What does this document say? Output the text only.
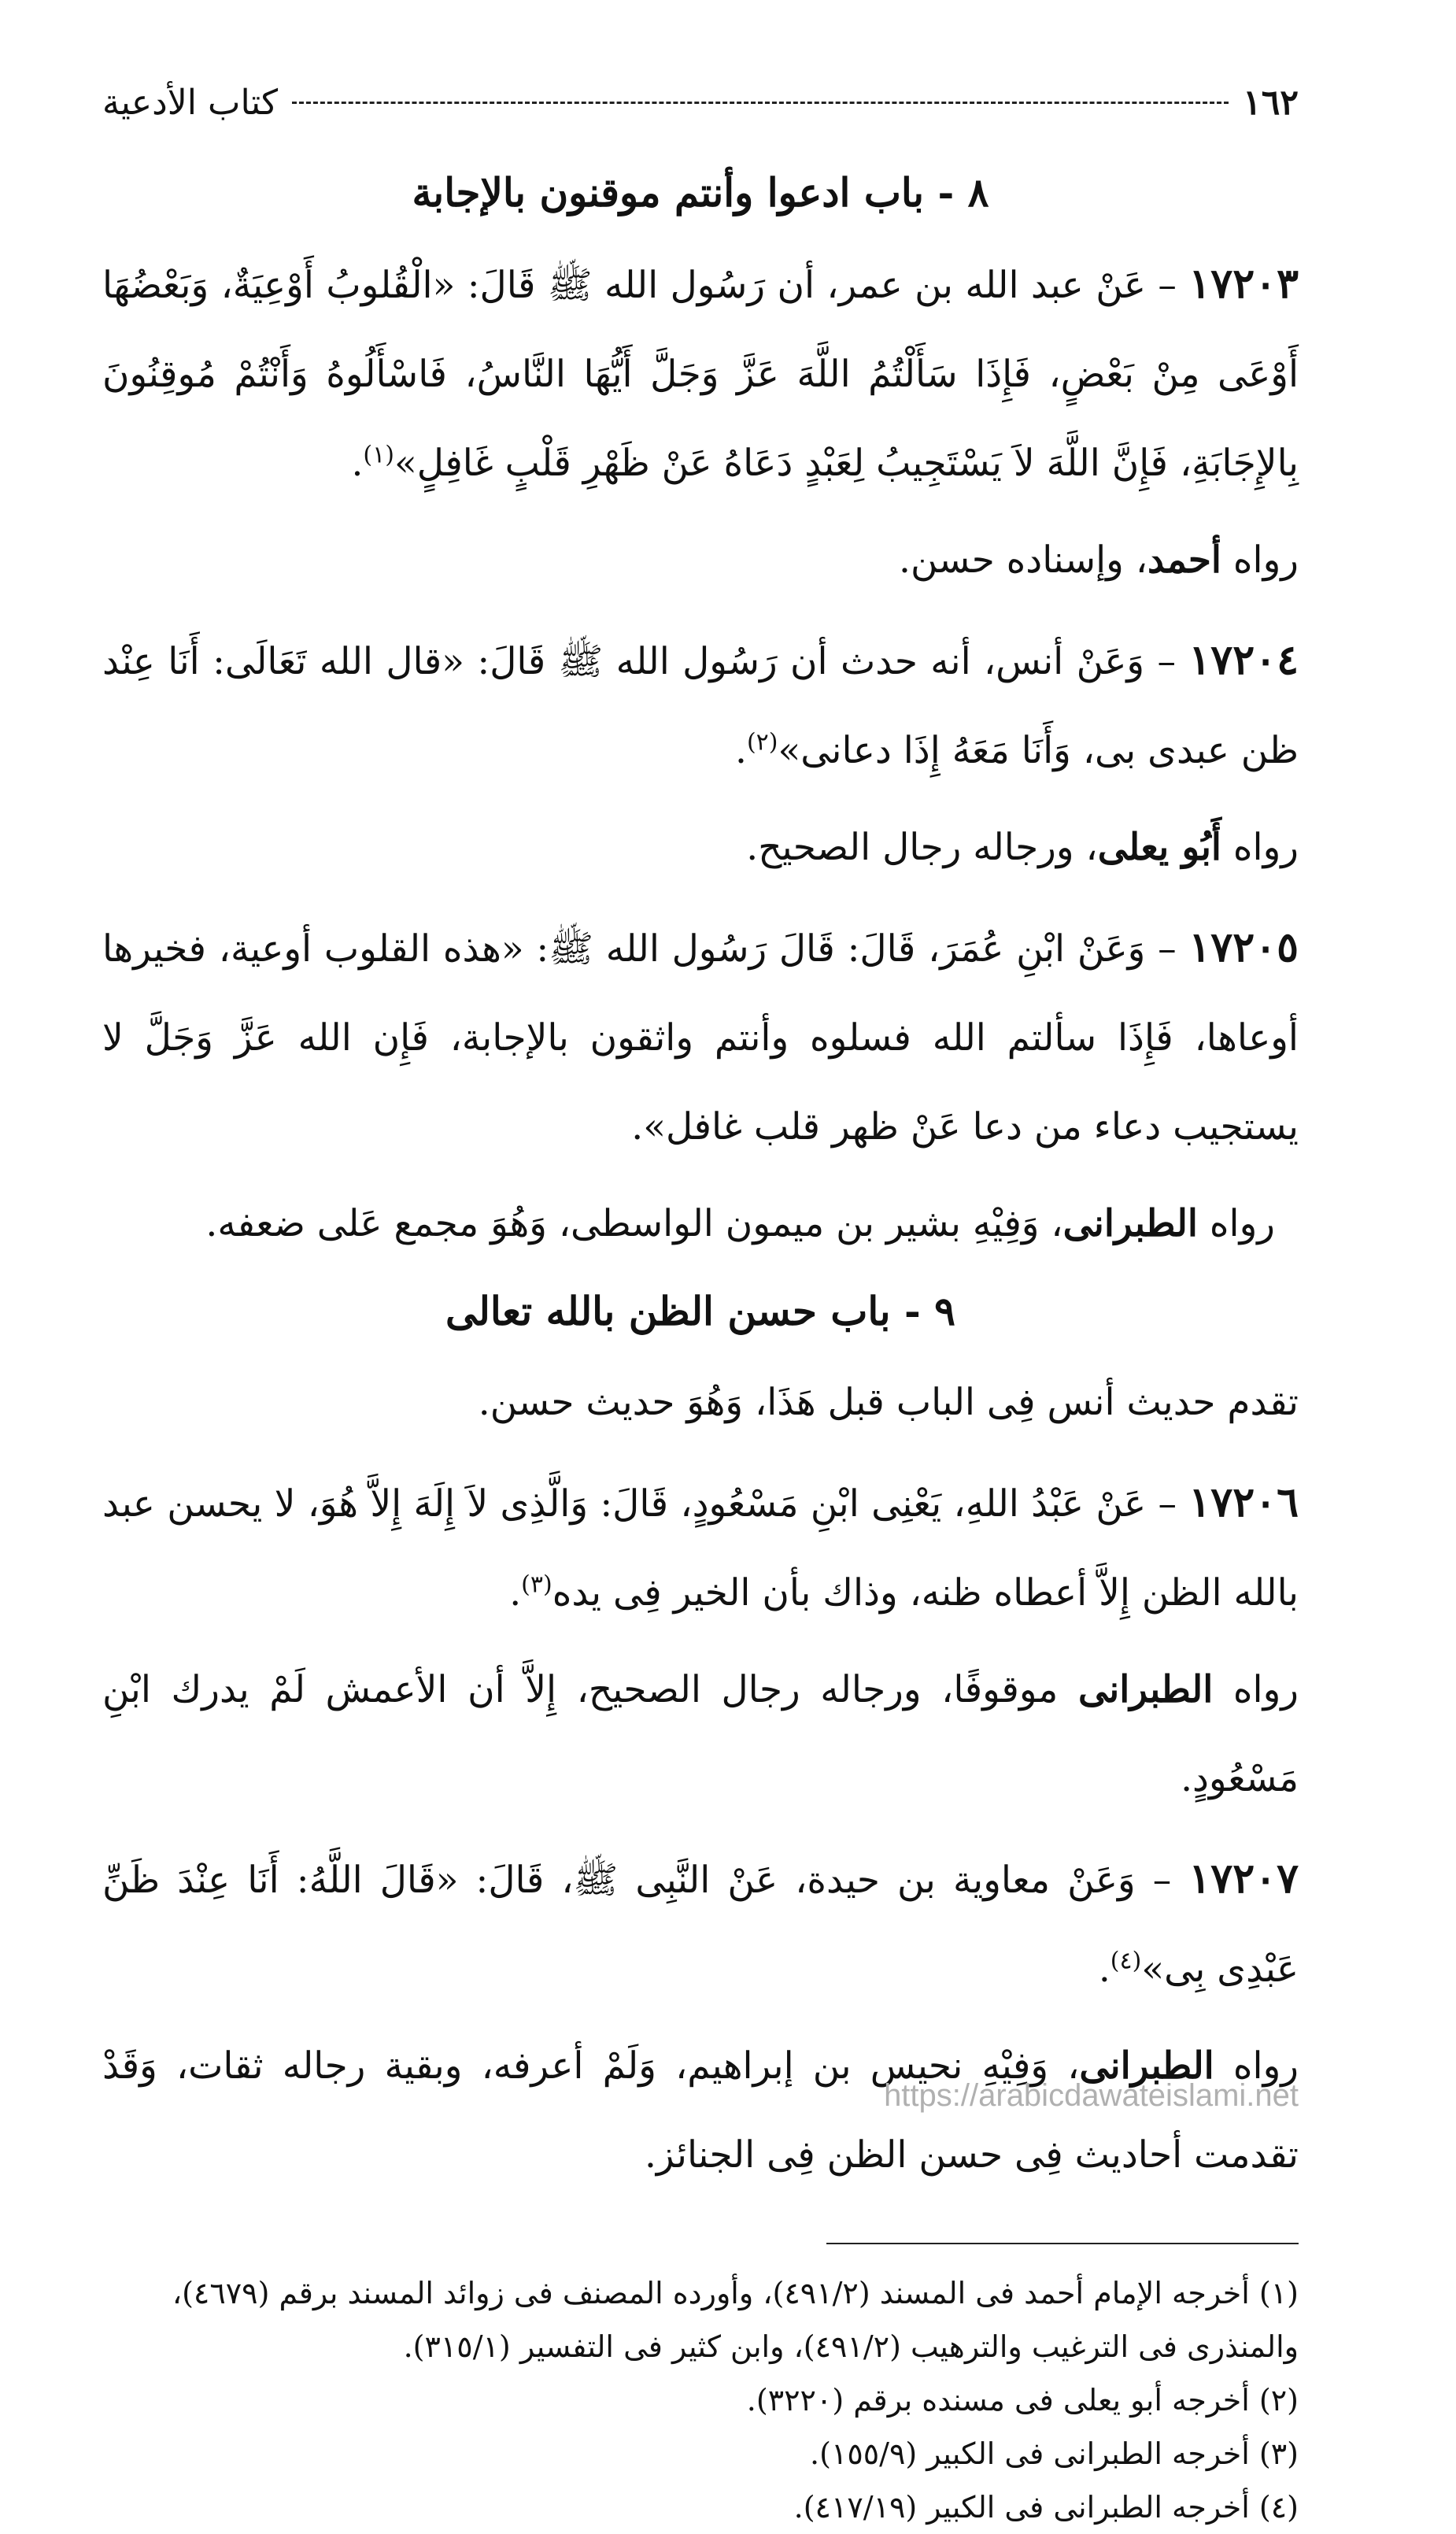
١٦٢
كتاب الأدعية
٨ - باب ادعوا وأنتم موقنون بالإجابة

١٧٢٠٣ – عَنْ عبد الله بن عمر، أن رَسُول الله ﷺ قَالَ: «الْقُلوبُ أَوْعِيَةٌ، وَبَعْضُهَا أَوْعَى مِنْ بَعْضٍ، فَإِذَا سَأَلْتُمُ اللَّهَ عَزَّ وَجَلَّ أَيُّهَا النَّاسُ، فَاسْأَلُوهُ وَأَنْتُمْ مُوقِنُونَ بِالإِجَابَةِ، فَإِنَّ اللَّهَ لاَ يَسْتَجِيبُ لِعَبْدٍ دَعَاهُ عَنْ ظَهْرِ قَلْبٍ غَافِلٍ»$^{(١)}$.

رواه أحمد، وإسناده حسن.

١٧٢٠٤ – وَعَنْ أنس، أنه حدث أن رَسُول الله ﷺ قَالَ: «قال الله تَعَالَى: أَنَا عِنْد ظن عبدى بى، وَأَنَا مَعَهُ إِذَا دعانى»$^{(٢)}$.

رواه أَبُو يعلى، ورجاله رجال الصحيح.

١٧٢٠٥ – وَعَنْ ابْنِ عُمَرَ، قَالَ: قَالَ رَسُول الله ﷺ: «هذه القلوب أوعية، فخيرها أوعاها، فَإِذَا سألتم الله فسلوه وأنتم واثقون بالإجابة، فَإِن الله عَزَّ وَجَلَّ لا يستجيب دعاء من دعا عَنْ ظهر قلب غافل».

رواه الطبرانى، وَفِيْهِ بشير بن ميمون الواسطى، وَهُوَ مجمع عَلى ضعفه.

٩ - باب حسن الظن بالله تعالى

تقدم حديث أنس فِى الباب قبل هَذَا، وَهُوَ حديث حسن.

١٧٢٠٦ – عَنْ عَبْدُ اللهِ، يَعْنِى ابْنِ مَسْعُودٍ، قَالَ: وَالَّذِى لاَ إِلَهَ إِلاَّ هُوَ، لا يحسن عبد بالله الظن إِلاَّ أعطاه ظنه، وذاك بأن الخير فِى يده$^{(٣)}$.

رواه الطبرانى موقوفًا، ورجاله رجال الصحيح، إِلاَّ أن الأعمش لَمْ يدرك ابْنِ مَسْعُودٍ.

١٧٢٠٧ – وَعَنْ معاوية بن حيدة، عَنْ النَّبِى ﷺ، قَالَ: «قَالَ اللَّهُ: أَنَا عِنْدَ ظَنِّ عَبْدِى بِى»$^{(٤)}$.

رواه الطبرانى، وَفِيْهِ نحيس بن إبراهيم، وَلَمْ أعرفه، وبقية رجاله ثقات، وَقَدْ تقدمت أحاديث فِى حسن الظن فِى الجنائز.

(١) أخرجه الإمام أحمد فى المسند (٤٩١/٢)، وأورده المصنف فى زوائد المسند برقم (٤٦٧٩)، والمنذرى فى الترغيب والترهيب (٤٩١/٢)، وابن كثير فى التفسير (٣١٥/١).

(٢) أخرجه أبو يعلى فى مسنده برقم (٣٢٢٠).

(٣) أخرجه الطبرانى فى الكبير (١٥٥/٩).

(٤) أخرجه الطبرانى فى الكبير (٤١٧/١٩).

https://arabicdawateislami.net
